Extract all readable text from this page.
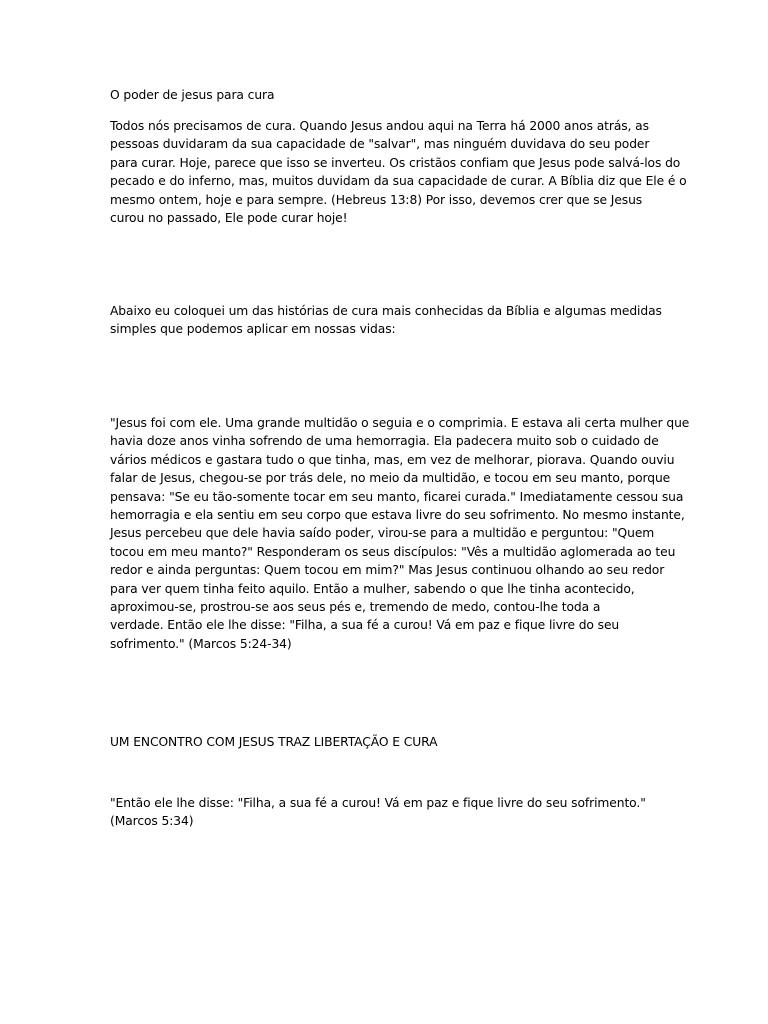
O poder de jesus para cura
Todos nós precisamos de cura. Quando Jesus andou aqui na Terra há 2000 anos atrás, as
pessoas duvidaram da sua capacidade de "salvar", mas ninguém duvidava do seu poder
para curar. Hoje, parece que isso se inverteu. Os cristãos confiam que Jesus pode salvá-los do
pecado e do inferno, mas, muitos duvidam da sua capacidade de curar. A Bíblia diz que Ele é o
mesmo ontem, hoje e para sempre. (Hebreus 13:8) Por isso, devemos crer que se Jesus
curou no passado, Ele pode curar hoje!
Abaixo eu coloquei um das histórias de cura mais conhecidas da Bíblia e algumas medidas
simples que podemos aplicar em nossas vidas:
"Jesus foi com ele. Uma grande multidão o seguia e o comprimia. E estava ali certa mulher que
havia doze anos vinha sofrendo de uma hemorragia. Ela padecera muito sob o cuidado de
vários médicos e gastara tudo o que tinha, mas, em vez de melhorar, piorava. Quando ouviu
falar de Jesus, chegou-se por trás dele, no meio da multidão, e tocou em seu manto, porque
pensava: "Se eu tão-somente tocar em seu manto, ficarei curada." Imediatamente cessou sua
hemorragia e ela sentiu em seu corpo que estava livre do seu sofrimento. No mesmo instante,
Jesus percebeu que dele havia saído poder, virou-se para a multidão e perguntou: "Quem
tocou em meu manto?" Responderam os seus discípulos: "Vês a multidão aglomerada ao teu
redor e ainda perguntas: Quem tocou em mim?" Mas Jesus continuou olhando ao seu redor
para ver quem tinha feito aquilo. Então a mulher, sabendo o que lhe tinha acontecido,
aproximou-se, prostrou-se aos seus pés e, tremendo de medo, contou-lhe toda a
verdade. Então ele lhe disse: "Filha, a sua fé a curou! Vá em paz e fique livre do seu
sofrimento." (Marcos 5:24-34)
UM ENCONTRO COM JESUS TRAZ LIBERTAÇÃO E CURA
"Então ele lhe disse: "Filha, a sua fé a curou! Vá em paz e fique livre do seu sofrimento."
(Marcos 5:34)
